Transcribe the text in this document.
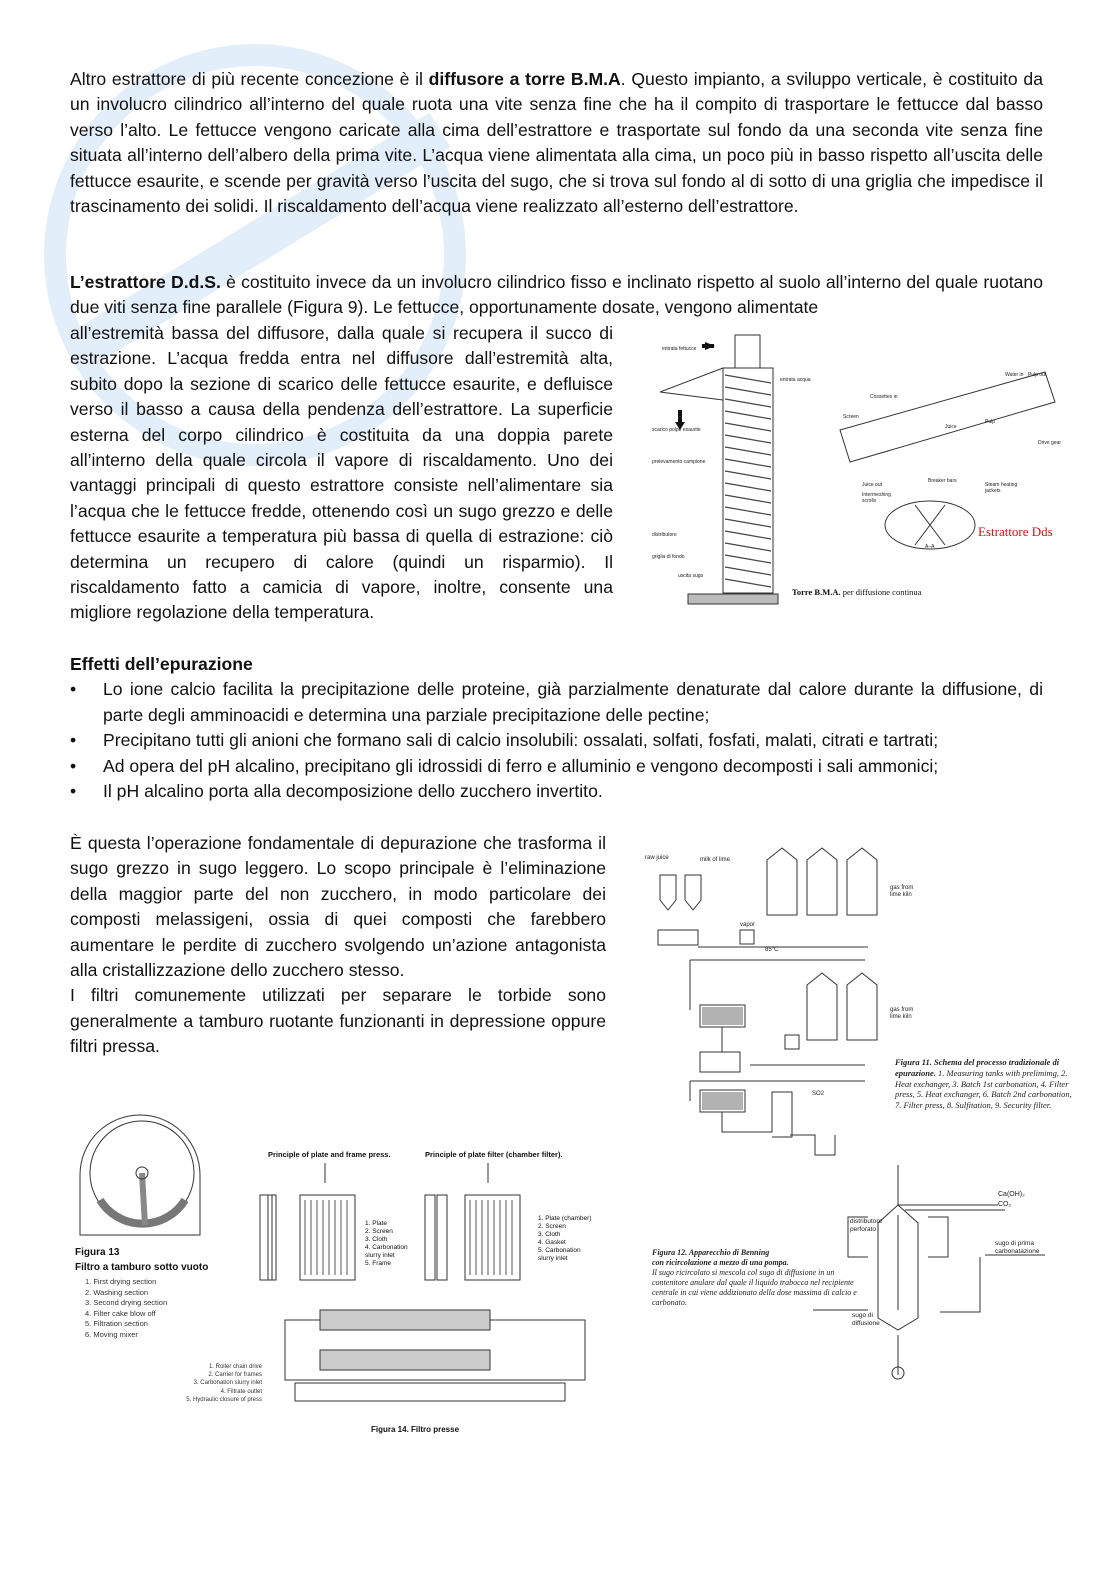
Altro estrattore di più recente concezione è il diffusore a torre B.M.A. Questo impianto, a sviluppo verticale, è costituito da un involucro cilindrico all’interno del quale ruota una vite senza fine che ha il compito di trasportare le fettucce dal basso verso l’alto. Le fettucce vengono caricate alla cima dell’estrattore e trasportate sul fondo da una seconda vite senza fine situata all’interno dell’albero della prima vite. L’acqua viene alimentata alla cima, un poco più in basso rispetto all’uscita delle fettucce esaurite, e scende per gravità verso l’uscita del sugo, che si trova sul fondo al di sotto di una griglia che impedisce il trascinamento dei solidi. Il riscaldamento dell’acqua viene realizzato all’esterno dell’estrattore.

L’estrattore D.d.S. è costituito invece da un involucro cilindrico fisso e inclinato rispetto al suolo all’interno del quale ruotano due viti senza fine parallele (Figura 9). Le fettucce, opportunamente dosate, vengono alimentate

all’estremità bassa del diffusore, dalla quale si recupera il succo di estrazione. L’acqua fredda entra nel diffusore dall’estremità alta, subito dopo la sezione di scarico delle fettucce esaurite, e defluisce verso il basso a causa della pendenza dell’estrattore. La superficie esterna del corpo cilindrico è costituita da una doppia parete all’interno della quale circola il vapore di riscaldamento. Uno dei vantaggi principali di questo estrattore consiste nell’alimentare sia l’acqua che le fettucce fredde, ottenendo così un sugo grezzo e delle fettucce esaurite a temperatura più bassa di quella di estrazione: ciò determina un recupero di calore (quindi un risparmio). Il riscaldamento fatto a camicia di vapore, inoltre, consente una migliore regolazione della temperatura.

entrata fettucce
entrata acqua
scarico polpe esaurite
prelevamento campione
distributore
griglia di fondo
uscita sugo
Water in Pulp out
Cossettes in
Screen
Juice
Pulp
Drive gear
Juice out
Breaker bars
Steam heating jackets
Intermeshing scrolls
A–A
Estrattore Dds
Torre B.M.A. per diffusione continua

Effetti dell’epurazione

• Lo ione calcio facilita la precipitazione delle proteine, già parzialmente denaturate dal calore durante la diffusione, di parte degli amminoacidi e determina una parziale precipitazione delle pectine;
• Precipitano tutti gli anioni che formano sali di calcio insolubili: ossalati, solfati, fosfati, malati, citrati e tartrati;
• Ad opera del pH alcalino, precipitano gli idrossidi di ferro e alluminio e vengono decomposti i sali ammonici;
• Il pH alcalino porta alla decomposizione dello zucchero invertito.

È questa l’operazione fondamentale di depurazione che trasforma il sugo grezzo in sugo leggero. Lo scopo principale è l’eliminazione della maggior parte del non zucchero, in modo particolare dei composti melassigeni, ossia di quei composti che farebbero aumentare le perdite di zucchero svolgendo un’azione antagonista alla cristallizzazione dello zucchero stesso.

I filtri comunemente utilizzati per separare le torbide sono generalmente a tamburo ruotante funzionanti in depressione oppure filtri pressa.

raw juice	milk of lime
vapor
gas from lime kiln
gas from lime kiln
SO2
85°C
Figura 11. Schema del processo tradizionale di epurazione. 1. Measuring tanks with prelimimg, 2. Heat exchanger, 3. Batch 1st carbonation, 4. Filter press, 5. Heat exchanger, 6. Batch 2nd carbonation, 7. Filter press, 8. Sulfitation, 9. Security filter.
Ca(OH)₂
CO₂
distributore perforato
sugo di prima carbonatazione
sugo di diffusione
Figura 12. Apparecchio di Benning
con ricircolazione a mezzo di una pompa.
Il sugo ricircolato si mescola col sugo di diffusione in un contenitore anulare dal quale il liquido trabocca nel recipiente centrale in cui viene addizionato della dose massima di calcio e carbonato.
Figura 13
Filtro a tamburo sotto vuoto
1. First drying section
2. Washing section
3. Second drying section
4. Filter cake blow off
5. Filtration section
6. Moving mixer
Principle of plate and frame press.	Principle of plate filter (chamber filter).
1. Plate
2. Screen
3. Cloth
4. Carbonation slurry inlet
5. Frame
1. Plate (chamber)
2. Screen
3. Cloth
4. Gasket
5. Carbonation slurry inlet
1. Roller chain drive
2. Carrier for frames
3. Carbonation slurry inlet
4. Filtrate outlet
5. Hydraulic closure of press
Figura 14. Filtro presse
